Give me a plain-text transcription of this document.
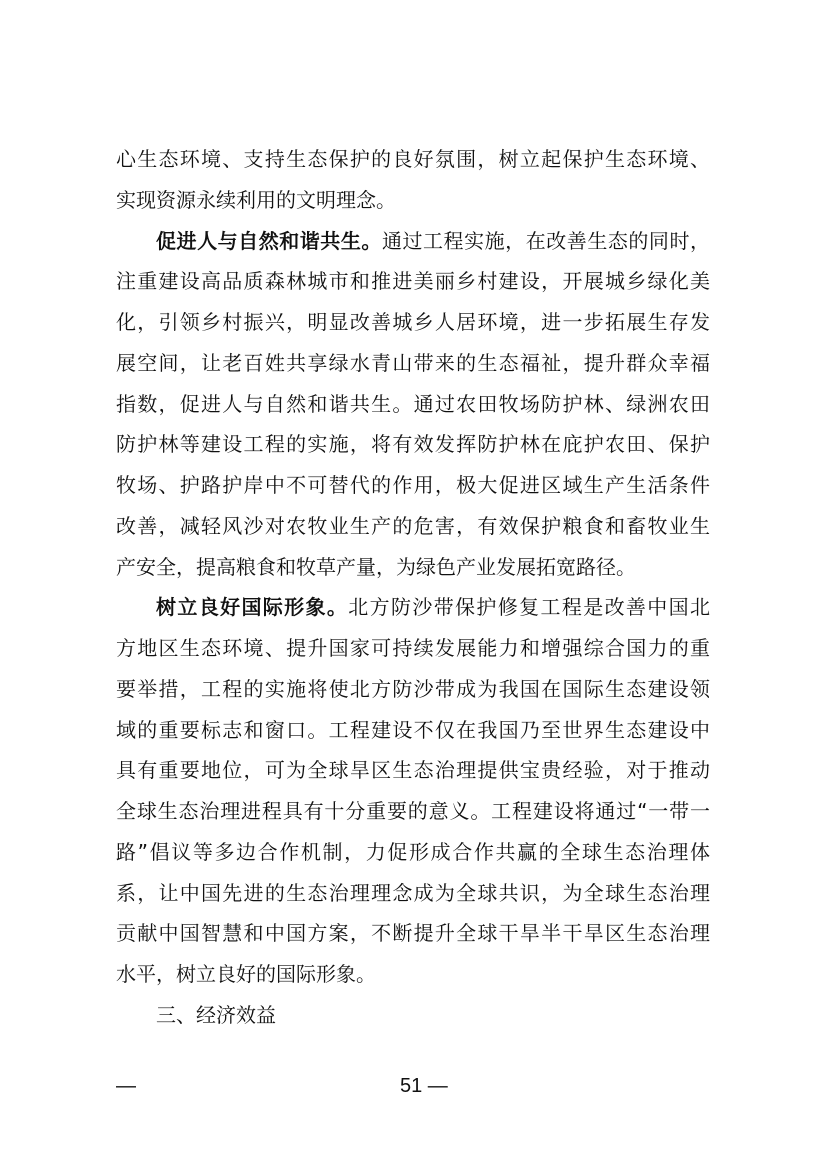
心生态环境、支持生态保护的良好氛围，树立起保护生态环境、
实现资源永续利用的文明理念。
促进人与自然和谐共生。通过工程实施，在改善生态的同时，
注重建设高品质森林城市和推进美丽乡村建设，开展城乡绿化美
化，引领乡村振兴，明显改善城乡人居环境，进一步拓展生存发
展空间，让老百姓共享绿水青山带来的生态福祉，提升群众幸福
指数，促进人与自然和谐共生。通过农田牧场防护林、绿洲农田
防护林等建设工程的实施，将有效发挥防护林在庇护农田、保护
牧场、护路护岸中不可替代的作用，极大促进区域生产生活条件
改善，减轻风沙对农牧业生产的危害，有效保护粮食和畜牧业生
产安全，提高粮食和牧草产量，为绿色产业发展拓宽路径。
树立良好国际形象。北方防沙带保护修复工程是改善中国北
方地区生态环境、提升国家可持续发展能力和增强综合国力的重
要举措，工程的实施将使北方防沙带成为我国在国际生态建设领
域的重要标志和窗口。工程建设不仅在我国乃至世界生态建设中
具有重要地位，可为全球旱区生态治理提供宝贵经验，对于推动
全球生态治理进程具有十分重要的意义。工程建设将通过“一带一
路”倡议等多边合作机制，力促形成合作共赢的全球生态治理体
系，让中国先进的生态治理理念成为全球共识，为全球生态治理
贡献中国智慧和中国方案，不断提升全球干旱半干旱区生态治理
水平，树立良好的国际形象。
三、经济效益
—	51 —
